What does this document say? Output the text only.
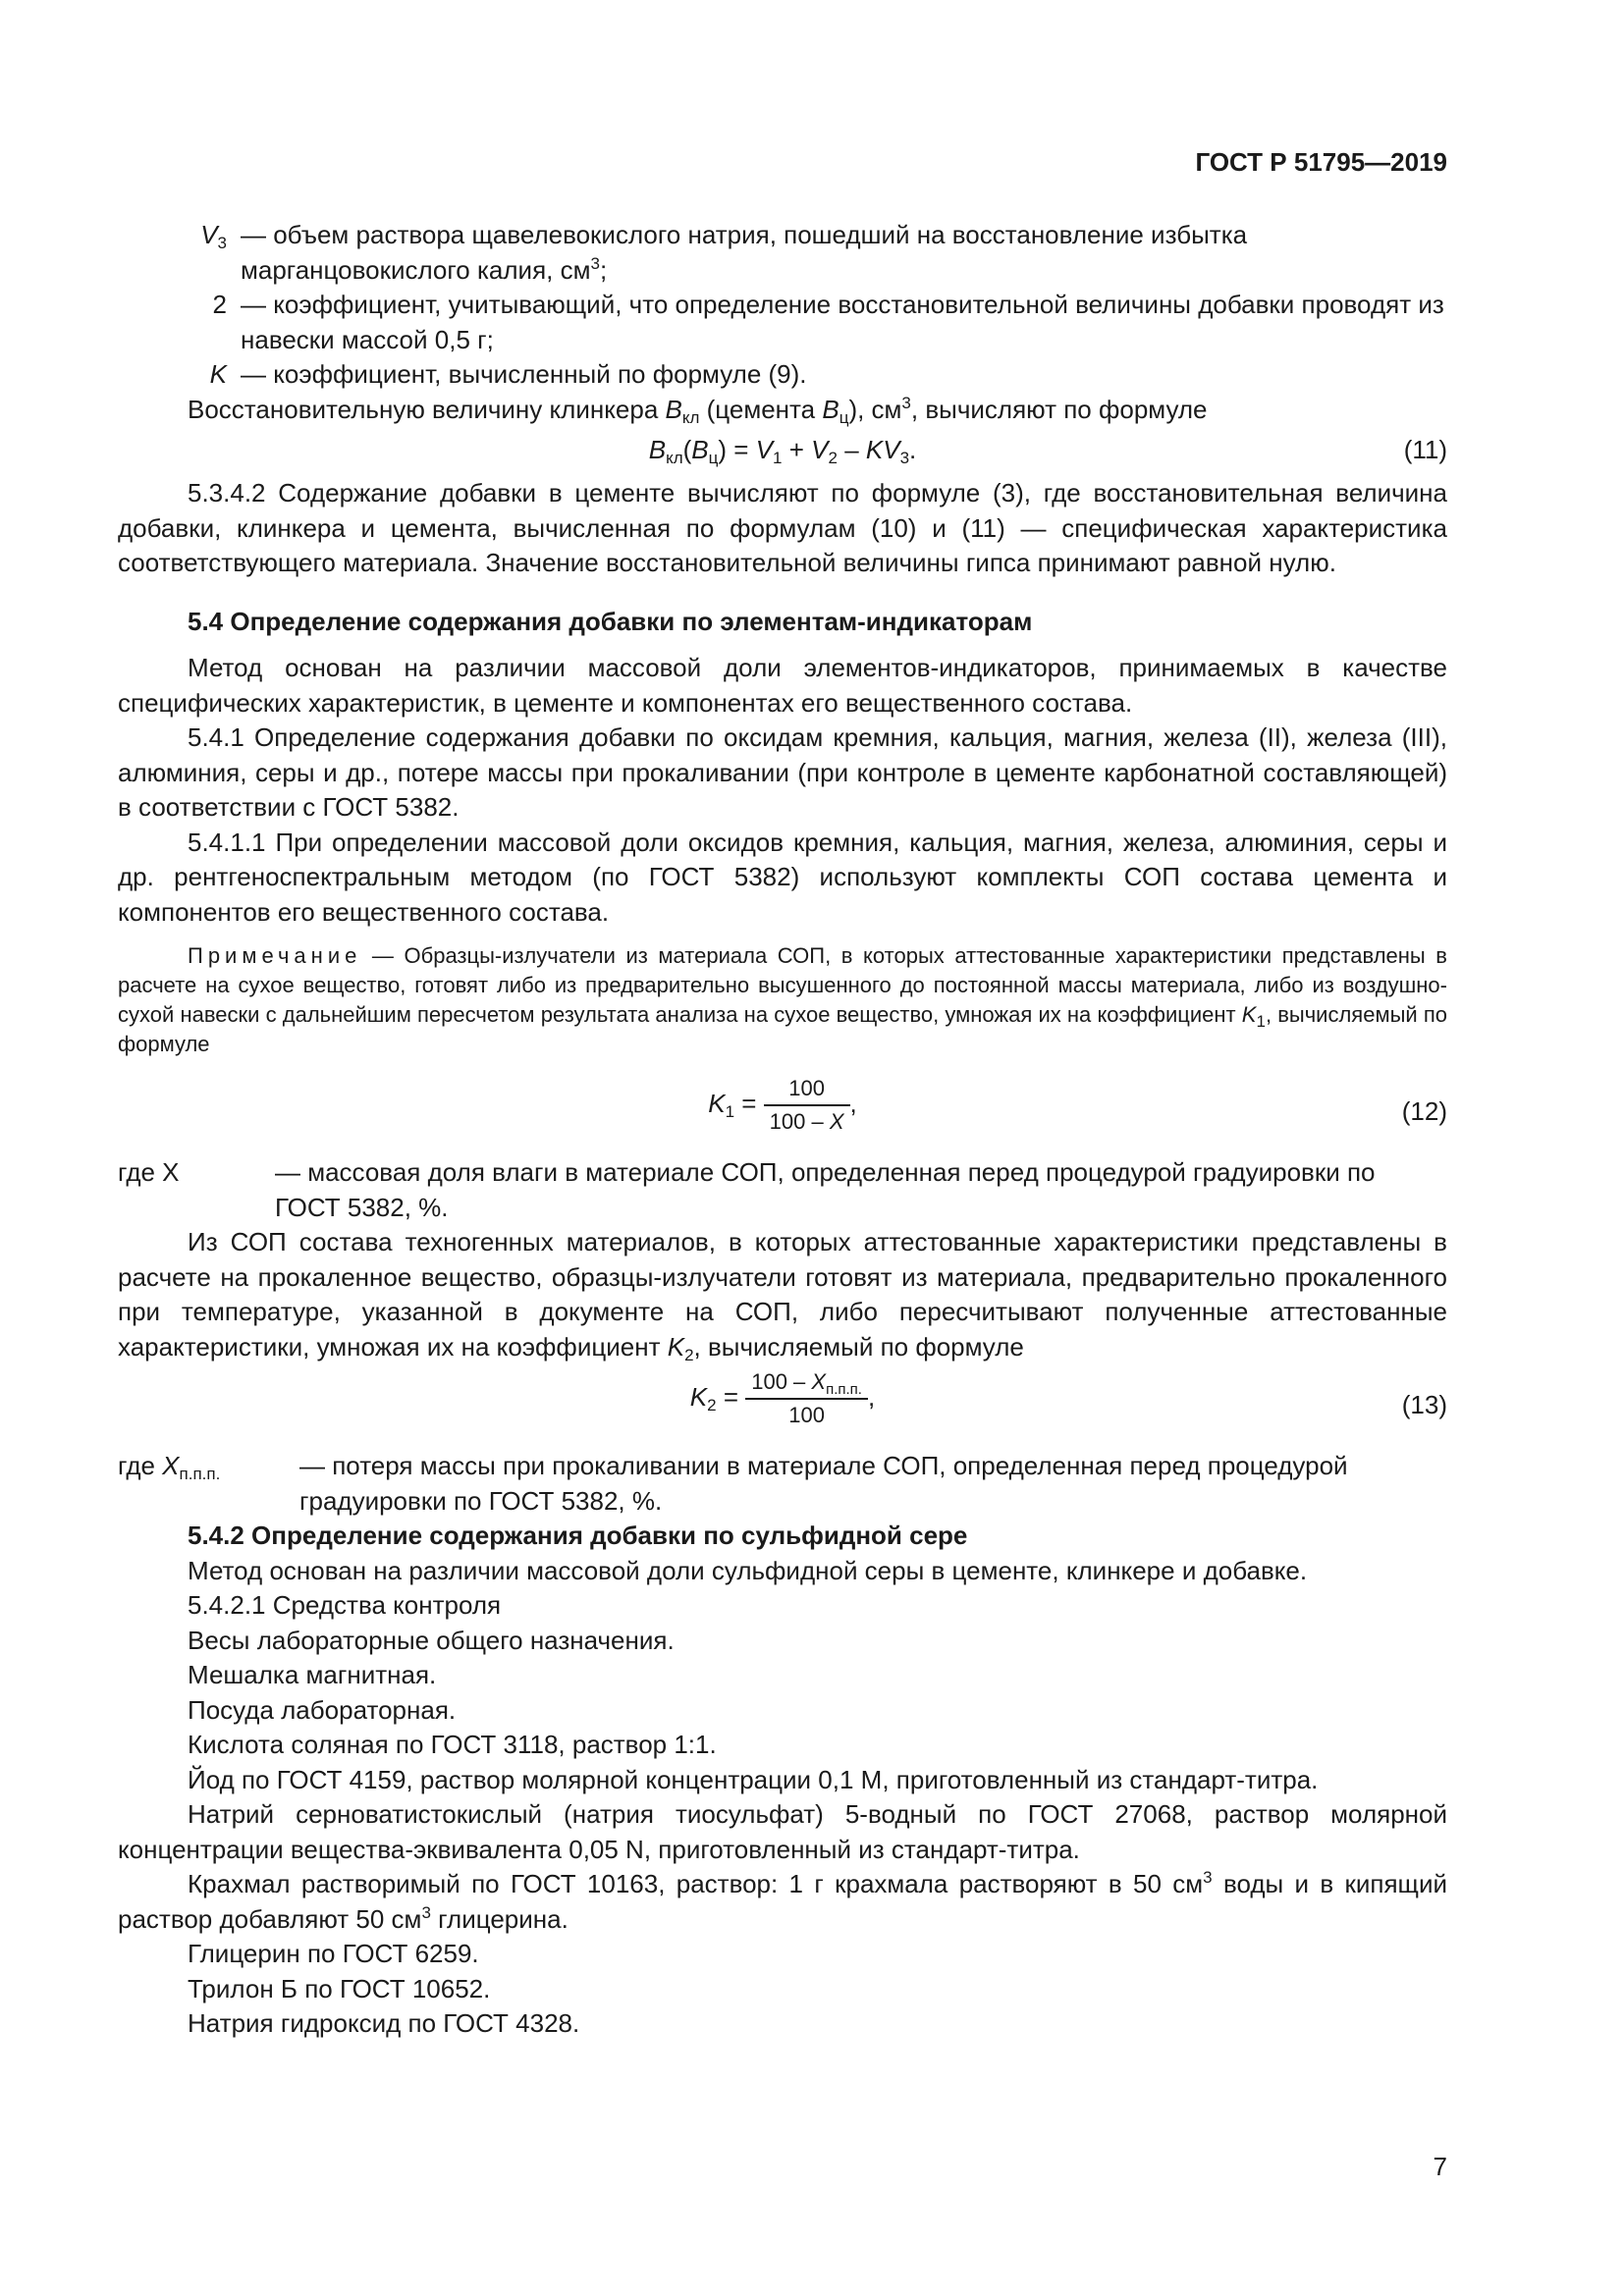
ГОСТ Р 51795—2019
$V_3$ — объем раствора щавелевокислого натрия, пошедший на восстановление избытка марганцовокислого калия, $см^3$;
2 — коэффициент, учитывающий, что определение восстановительной величины добавки проводят из навески массой 0,5 г;
K — коэффициент, вычисленный по формуле (9).

Восстановительную величину клинкера $B_{кл}$ (цемента $B_ц$), $см^3$, вычисляют по формуле

$B_{кл}(B_ц) = V_1 + V_2 - KV_3$.	(11)

5.3.4.2 Содержание добавки в цементе вычисляют по формуле (3), где восстановительная величина добавки, клинкера и цемента, вычисленная по формулам (10) и (11) — специфическая характеристика соответствующего материала. Значение восстановительной величины гипса принимают равной нулю.

5.4 Определение содержания добавки по элементам-индикаторам

Метод основан на различии массовой доли элементов-индикаторов, принимаемых в качестве специфических характеристик, в цементе и компонентах его вещественного состава.

5.4.1 Определение содержания добавки по оксидам кремния, кальция, магния, железа (II), железа (III), алюминия, серы и др., потере массы при прокаливании (при контроле в цементе карбонатной составляющей) в соответствии с ГОСТ 5382.

5.4.1.1 При определении массовой доли оксидов кремния, кальция, магния, железа, алюминия, серы и др. рентгеноспектральным методом (по ГОСТ 5382) используют комплекты СОП состава цемента и компонентов его вещественного состава.

Примечание — Образцы-излучатели из материала СОП, в которых аттестованные характеристики представлены в расчете на сухое вещество, готовят либо из предварительно высушенного до постоянной массы материала, либо из воздушно-сухой навески с дальнейшим пересчетом результата анализа на сухое вещество, умножая их на коэффициент $K_1$, вычисляемый по формуле

$K_1 = \frac{100}{100 - X}$ ,	(12)
где X	— массовая доля влаги в материале СОП, определенная перед процедурой градуировки по ГОСТ 5382, %.

Из СОП состава техногенных материалов, в которых аттестованные характеристики представлены в расчете на прокаленное вещество, образцы-излучатели готовят из материала, предварительно прокаленного при температуре, указанной в документе на СОП, либо пересчитывают полученные аттестованные характеристики, умножая их на коэффициент $K_2$, вычисляемый по формуле

$K_2 = \frac{100 - X_{п.п.п.}}{100}$ ,	(13)
где $X_{п.п.п.}$	— потеря массы при прокаливании в материале СОП, определенная перед процедурой градуировки по ГОСТ 5382, %.

5.4.2 Определение содержания добавки по сульфидной сере

Метод основан на различии массовой доли сульфидной серы в цементе, клинкере и добавке.

5.4.2.1 Средства контроля

Весы лабораторные общего назначения.

Мешалка магнитная.

Посуда лабораторная.

Кислота соляная по ГОСТ 3118, раствор 1:1.

Йод по ГОСТ 4159, раствор молярной концентрации 0,1 М, приготовленный из стандарт-титра.

Натрий серноватистокислый (натрия тиосульфат) 5-водный по ГОСТ 27068, раствор молярной концентрации вещества-эквивалента 0,05 N, приготовленный из стандарт-титра.

Крахмал растворимый по ГОСТ 10163, раствор: 1 г крахмала растворяют в 50 $см^3$ воды и в кипящий раствор добавляют 50 $см^3$ глицерина.

Глицерин по ГОСТ 6259.

Трилон Б по ГОСТ 10652.

Натрия гидроксид по ГОСТ 4328.

7
